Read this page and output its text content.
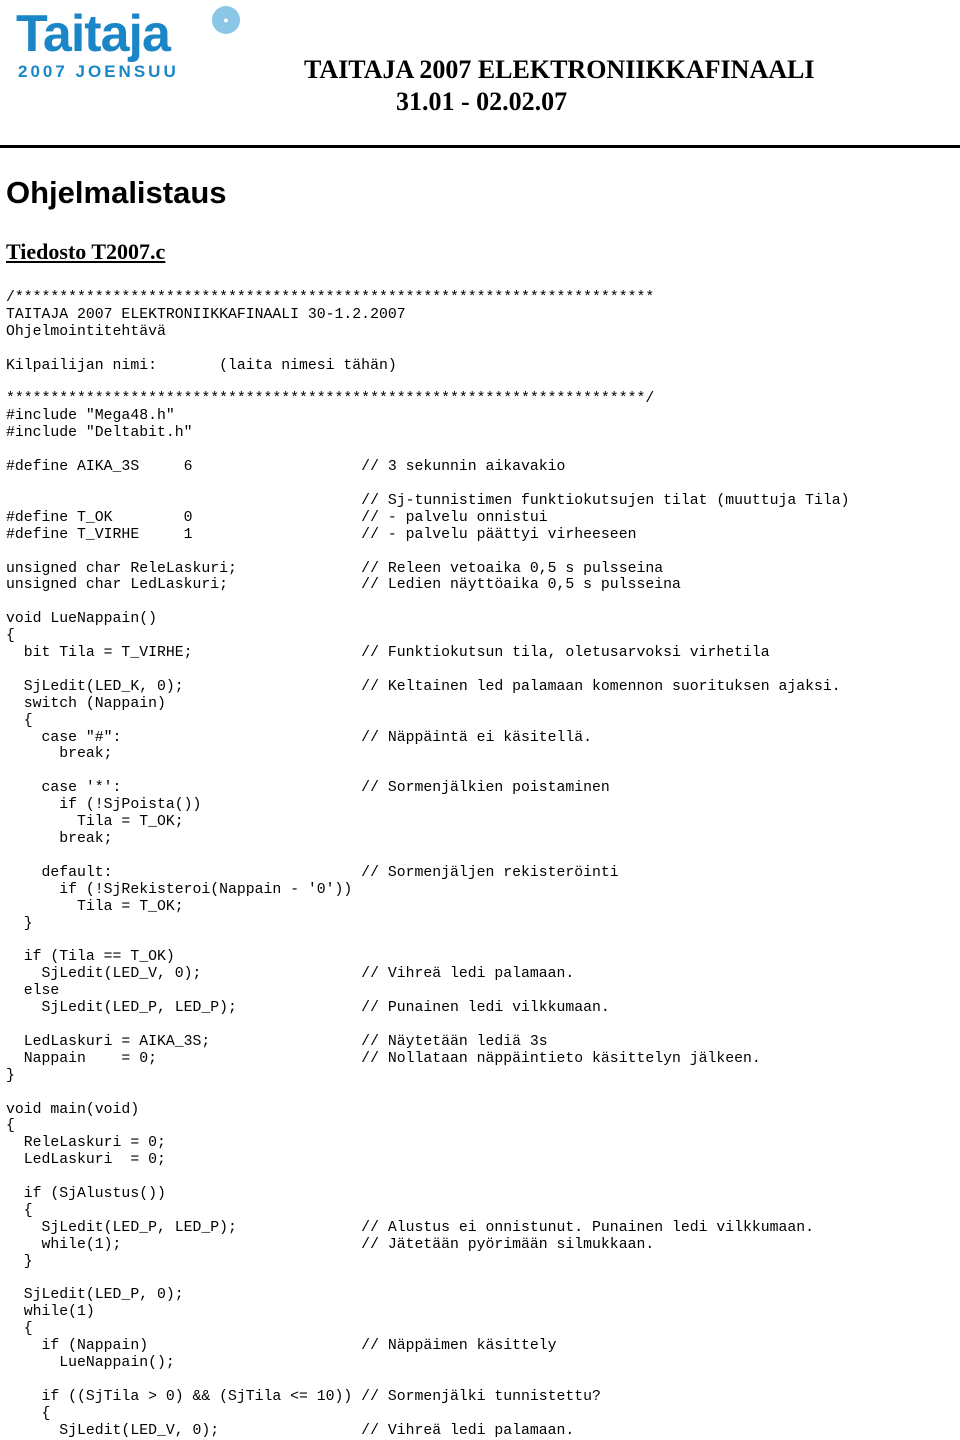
Taitaja	●
2007 JOENSUU	TAITAJA 2007 ELEKTRONIIKKAFINAALI
31.01 - 02.02.07
Ohjelmalistaus
Tiedosto T2007.c
/************************************************************************
TAITAJA 2007 ELEKTRONIIKKAFINAALI 30-1.2.2007
Ohjelmointitehtävä

Kilpailijan nimi:       (laita nimesi tähän)

************************************************************************/
#include "Mega48.h"
#include "Deltabit.h"

#define AIKA_3S     6                   // 3 sekunnin aikavakio

// Sj-tunnistimen funktiokutsujen tilat (muuttuja Tila)
#define T_OK        0                   // - palvelu onnistui
#define T_VIRHE     1                   // - palvelu päättyi virheeseen

unsigned char ReleLaskuri;              // Releen vetoaika 0,5 s pulsseina
unsigned char LedLaskuri;               // Ledien näyttöaika 0,5 s pulsseina

void LueNappain()
{
bit Tila = T_VIRHE;                   // Funktiokutsun tila, oletusarvoksi virhetila

SjLedit(LED_K, 0);                    // Keltainen led palamaan komennon suorituksen ajaksi.
switch (Nappain)
{
case "#":                           // Näppäintä ei käsitellä.
break;

case '*':                           // Sormenjälkien poistaminen
if (!SjPoista())
Tila = T_OK;
break;

default:                            // Sormenjäljen rekisteröinti
if (!SjRekisteroi(Nappain - '0'))
Tila = T_OK;
}

if (Tila == T_OK)
SjLedit(LED_V, 0);                  // Vihreä ledi palamaan.
else
SjLedit(LED_P, LED_P);              // Punainen ledi vilkkumaan.

LedLaskuri = AIKA_3S;                 // Näytetään lediä 3s
Nappain    = 0;                       // Nollataan näppäintieto käsittelyn jälkeen.
}

void main(void)
{
ReleLaskuri = 0;
LedLaskuri  = 0;

if (SjAlustus())
{
SjLedit(LED_P, LED_P);              // Alustus ei onnistunut. Punainen ledi vilkkumaan.
while(1);                           // Jätetään pyörimään silmukkaan.
}

SjLedit(LED_P, 0);
while(1)
{
if (Nappain)                        // Näppäimen käsittely
LueNappain();

if ((SjTila > 0) && (SjTila <= 10)) // Sormenjälki tunnistettu?
{
SjLedit(LED_V, 0);                // Vihreä ledi palamaan.
